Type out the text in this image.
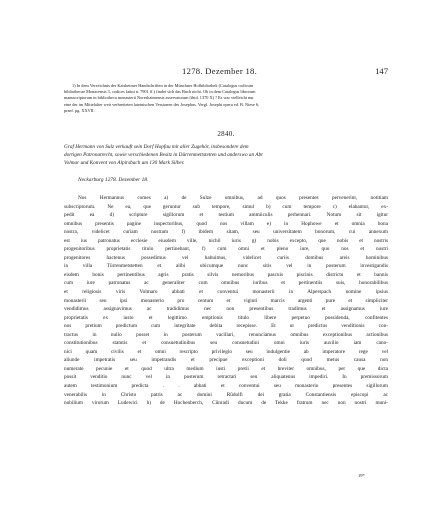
1278. Dezember 18.	147
1) In dem Verzeichnis der Kaisheimer Handschriften in der Münchner Hofbibliothek (Catalogus codicum
bibliothecae Monacensis 3, codices latini n. 7901 ff.) findet sich das Buch nicht. Ob in dem Catalogus librorum
manuscriptorum in bibliotheca monasterii Noreshaimensis asservatorum (ibid. 1370 X) ? Es war vielleicht nur
eine der im Mittelalter weit verbreiteten lateinischen Versionen des Josephus. Vergl. Josephi opera ed. B. Niese 6,
praef. pg. XXVII.
2840.
Graf Hermann von Sulz verkauft sein Dorf Hopfau mit aller Zugehör, insbesondere dem
dortigen Patronatrecht, sowie verschiedenen Besitz in Dürrenmettstetten und anderswo an Abt
Volmar und Konvent von Alpirsbach um 130 Mark Silber.
Neckarburg 1278. Dezember 18.
Nos Hermannus comes a) de Sulze omnibus, ad quos presentes pervenerint, notitiam
subscriptorum. Ne ea, que geruntur sub tempore, simul b) cum tempore c) elabantur, ex-
pedit ea d) scripture sigillorum et testium ammiiculis perhennari. Notum sit igitur
omnibus presentis pagine inspectoribus, quod nos villam e) in Hophowe et omnia bona
nostra, videlicet curiam nostram f) ibidem sitam, seu universitatem bonorum, cui annexum
est ius patronatus ecclesie eiusdem ville, nichil iuris g) nobis excepto, que nobis et nostris
progenitoribus proprietatis titulo pertinebant, f) cum omni et pleno iure, quo nos et nostri
progenitores hactenus possedimus vel habuimus, videlicet curiis domibus areis hominibus
in villa Türrenmetstetten et alibi ubicumque nunc sitis vel in posterum investigandis
eisdem bonis pertinentibus agris pratis silvis nemoribus pascuis piscinis districtu et bannis
cum iure patronatus ac generaliter cum omnibus iuribus et pertinentiis suis, honorabilibus
et religiosis viris Volmaro abbati et conventui monasterii in Alperspach nomine ipsius
monasterii seu ipsi monasterio pro centum et viginti marcis argenti pure et simpliciter
vendidimus assignavimus ac tradidimus nec non presentibus tradimus et assignamus iure
proprietatis ex iusto et legittimo emptionis titulo libere perpetuo possidenda, confitentes
nos pretium predictum cum integritate debita recepisse. Et ut predictus venditionis con-
tractus in nullo posset in posterum vacillari, renunciamus omnibus exceptionibus actionibus
constitutionibus statutis et consuetudinibus seu consuetudini omni iuris auxilio iam cano-
nici quam civilis et omni rescripto privilegio seu indulgentie ab imperatore rege vel
aliunde impetratis seu impetrandis et precipue exceptioni doli quod metus causa non
numerate pecunie et quod ultra medium iusti pretii et breviter omnibus, per que dicta
possit venditio nunc vel in posterum retractari seu aliquatenus impediri. In premissorum
autem testimonium predicta . . abbati et conventui seu monasterio presentes sigillorum
venerabilis in Christo patris ac domini Rûdolfi dei gratia Constantiensis episcopi ac
nobilium virorum Ludewici h) de Hochenberch, Cûnradi ducum de Tekke fratrum nec non nostri muni-
19*
